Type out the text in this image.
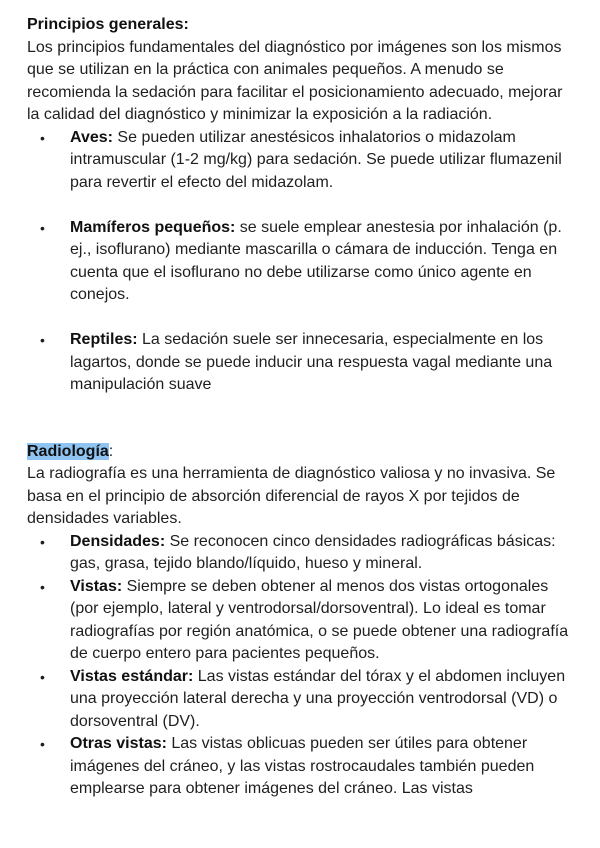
Principios generales:

Los principios fundamentales del diagnóstico por imágenes son los mismos que se utilizan en la práctica con animales pequeños. A menudo se recomienda la sedación para facilitar el posicionamiento adecuado, mejorar la calidad del diagnóstico y minimizar la exposición a la radiación.

• Aves: Se pueden utilizar anestésicos inhalatorios o midazolam intramuscular (1-2 mg/kg) para sedación. Se puede utilizar flumazenil para revertir el efecto del midazolam.
• Mamíferos pequeños: se suele emplear anestesia por inhalación (p. ej., isoflurano) mediante mascarilla o cámara de inducción. Tenga en cuenta que el isoflurano no debe utilizarse como único agente en conejos.
• Reptiles: La sedación suele ser innecesaria, especialmente en los lagartos, donde se puede inducir una respuesta vagal mediante una manipulación suave
Radiología:

La radiografía es una herramienta de diagnóstico valiosa y no invasiva. Se basa en el principio de absorción diferencial de rayos X por tejidos de densidades variables.

• Densidades: Se reconocen cinco densidades radiográficas básicas: gas, grasa, tejido blando/líquido, hueso y mineral.
• Vistas: Siempre se deben obtener al menos dos vistas ortogonales (por ejemplo, lateral y ventrodorsal/dorsoventral). Lo ideal es tomar radiografías por región anatómica, o se puede obtener una radiografía de cuerpo entero para pacientes pequeños.
• Vistas estándar: Las vistas estándar del tórax y el abdomen incluyen una proyección lateral derecha y una proyección ventrodorsal (VD) o dorsoventral (DV).
• Otras vistas: Las vistas oblicuas pueden ser útiles para obtener imágenes del cráneo, y las vistas rostrocaudales también pueden emplearse para obtener imágenes del cráneo. Las vistas
